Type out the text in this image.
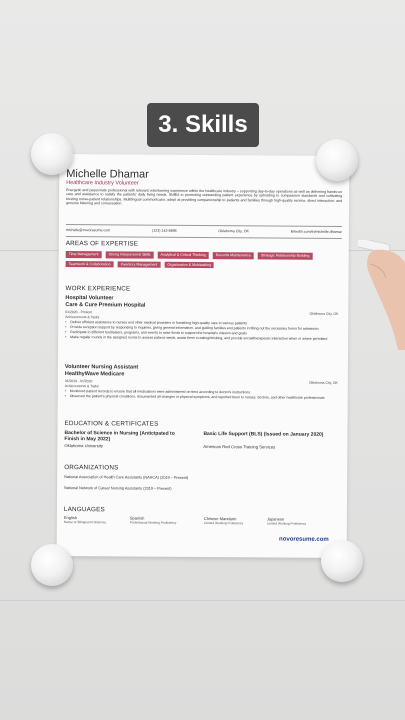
3. Skills
Michelle Dhamar
Healthcare Industry Volunteer
Energetic and passionate professional with relevant volunteering experience within the healthcare industry – supporting day-to-day operations as well as delivering hands-on care and assistance to satisfy the patients' daily living needs. Skillful in promoting outstanding patient experience by upholding to compassion standards and cultivating trusting nurse-patient relationships. Multilingual communicator, adept at providing companionship to patients and families through high-quality service, direct interaction, and genuine listening and conversation.
michelle@novoresume.com	(123) 142-6896	Oklahoma City, OK	linkedin.com/in/michelle.dhamar
AREAS OF EXPERTISE
Time Management	Strong Interpersonal Skills	Analytical & Critical Thinking	Records Maintenance	Strategic Relationship Building
Teamwork & Collaboration	Inventory Management	Organization & Multitasking
WORK EXPERIENCE
Hospital Volunteer
Care & Cure Premium Hospital
01/2020 - Present	Oklahoma City, OK
Achievements & Tasks
• Deliver efficient assistance to nurses and other medical providers in furnishing high-quality care to various patients
• Provide reception support by responding to inquiries, giving general information, and guiding families and patients in filling out the necessary forms for admission
• Participate in different fundraisers, programs, and events to raise funds to support the hospital's mission and goals
• Make regular rounds in the assigned rooms to assess patient needs, assist them in eating/drinking, and provide social/therapeutic interaction when or where permitted
Volunteer Nursing Assistant
HealthyWave Medicare
01/2019 - 01/2020	Oklahoma City, OK
Achievements & Tasks
• Monitored patient records to ensure that all medications were administered on-time according to doctor's instructions
• Observed the patient's physical conditions, documented all changes or physical symptoms, and reported them to nurses, doctors, and other healthcare professionals
EDUCATION & CERTIFICATES
Bachelor of Science in Nursing (Anticipated to Finish in May 2022)
Oklahoma University
Basic Life Support (BLS) (Issued on January 2020)
American Red Cross Training Services
ORGANIZATIONS
National Association of Health Care Assistants (NAHCA) (2019 – Present)
National Network of Career Nursing Assistants (2019 – Present)
LANGUAGES
English
Native or Bilingual Proficiency
Spanish
Professional Working Proficiency
Chinese Mandarin
Limited Working Proficiency
Japanese
Limited Working Proficiency
novoresume.com
